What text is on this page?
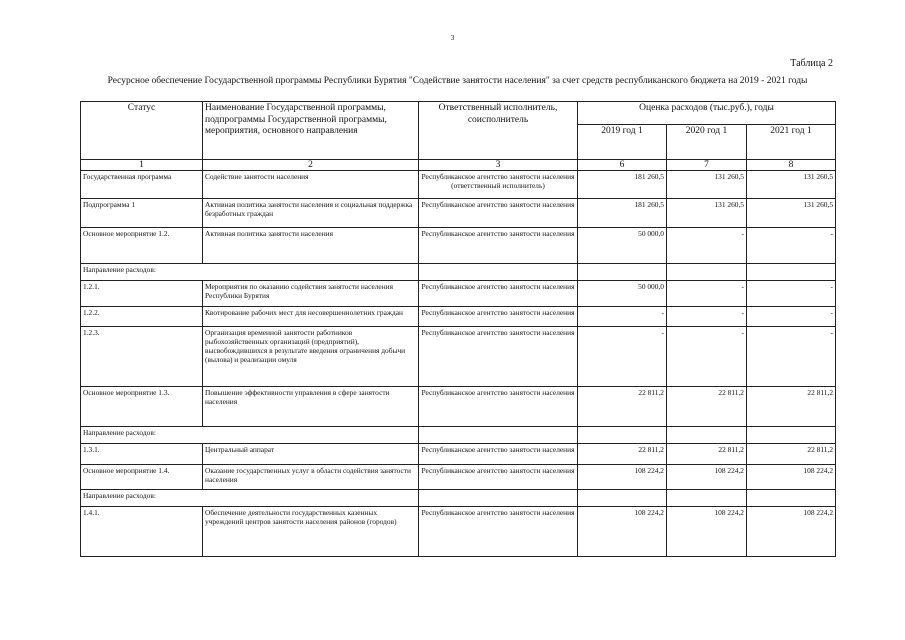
3
Таблица 2
Ресурсное обеспечение Государственной программы Республики Бурятия "Содействие занятости населения" за счет средств республиканского бюджета на 2019 - 2021 годы
Статус	Наименование Государственной программы, подпрограммы Государственной программы, мероприятия, основного направления	Ответственный исполнитель, соисполнитель	Оценка расходов (тыс.руб.), годы		
			2019 год 1	2020 год 1	2021 год 1
1	2	3	6	7	8
Государственная программа	Содействие занятости населения	Республиканское агентство занятости населения (ответственный исполнитель)	181 260,5	131 260,5	131 260,5
Подпрограмма 1	Активная политика занятости населения и социальная поддержка безработных граждан	Республиканское агентство занятости населения	181 260,5	131 260,5	131 260,5
Основное мероприятие 1.2.	Активная политика занятости населения	Республиканское агентство занятости населения	50 000,0	-	-
Направление расходов:					
1.2.1.	Мероприятия по оказанию содействия занятости населения Республики Бурятия	Республиканское агентство занятости населения	50 000,0	-	-
1.2.2.	Квотирование рабочих мест для несовершеннолетних граждан	Республиканское агентство занятости населения	-	-	-
1.2.3.	Организация временной занятости работников рыбохозяйственных организаций (предприятий), высвобождившихся в результате введения ограничения добычи (вылова) и реализации омуля	Республиканское агентство занятости населения	-	-	-
Основное мероприятие 1.3.	Повышение эффективности управления в сфере занятости населения	Республиканское агентство занятости населения	22 811,2	22 811,2	22 811,2
Направление расходов:					
1.3.1.	Центральный аппарат	Республиканское агентство занятости населения	22 811,2	22 811,2	22 811,2
Основное мероприятие 1.4.	Оказание государственных услуг в области содействия занятости населения	Республиканское агентство занятости населения	108 224,2	108 224,2	108 224,2
Направление расходов:					
1.4.1.	Обеспечение деятельности государственных казенных учреждений центров занятости населения районов (городов)	Республиканское агентство занятости населения	108 224,2	108 224,2	108 224,2
